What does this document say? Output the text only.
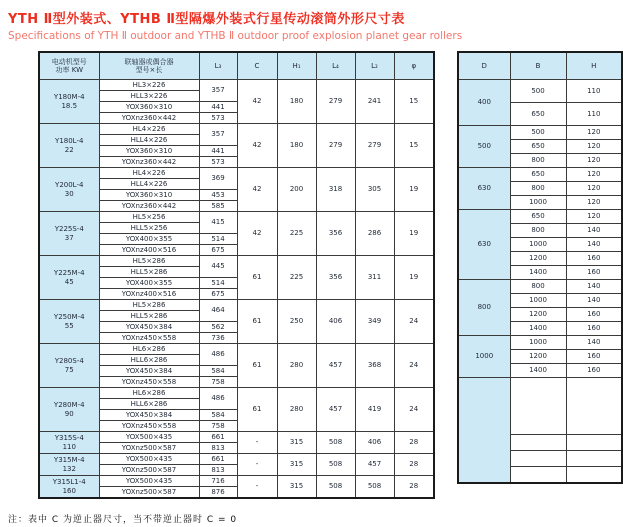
YTH Ⅱ型外装式、YTHB Ⅱ型隔爆外装式行星传动滚筒外形尺寸表
Specifications of YTH Ⅱ outdoor and YTHB Ⅱ outdoor proof explosion planet gear rollers
电动机型号
功率 KW

联轴器或偶合器
型号×长
	L₃	C	H₁	L₄	L₂	φ

Y180M-4
18.5	HL3×226	357	42	180	279	241	15
	HLL3×226						
	YOX360×310	441					
	YOXnz360×442	573					

Y180L-4
22	HL4×226	357	42	180	279	279	15
	HLL4×226						
	YOX360×310	441					
	YOXnz360×442	573					

Y200L-4
30	HL4×226	369	42	200	318	305	19
	HLL4×226						
	YOX360×310	453					
	YOXnz360×442	585					

Y225S-4
37	HL5×256	415	42	225	356	286	19
	HLL5×256						
	YOX400×355	514					
	YOXnz400×516	675					

Y225M-4
45	HL5×286	445	61	225	356	311	19
	HLL5×286						
	YOX400×355	514					
	YOXnz400×516	675					

Y250M-4
55	HL5×286	464	61	250	406	349	24
	HLL5×286						
	YOX450×384	562					
	YOXnz450×558	736					

Y280S-4
75	HL6×286	486	61	280	457	368	24
	HLL6×286						
	YOX450×384	584					
	YOXnz450×558	758					

Y280M-4
90	HL6×286	486	61	280	457	419	24
	HLL6×286						
	YOX450×384	584					
	YOXnz450×558	758					

Y315S-4
110	YOX500×435	661	-	315	508	406	28
	YOXnz500×587	813					

Y315M-4
132	YOX500×435	661	-	315	508	457	28
	YOXnz500×587	813					

Y315L1-4
160	YOX500×435	716	-	315	508	508	28
	YOXnz500×587	876					
D	B	H
400	500	110
	650	110
500	500	120
	650	120
	800	120
630	650	120
	800	120
	1000	120
630	650	120
	800	140
	1000	140
	1200	160
	1400	160
800	800	140
	1000	140
	1200	160
	1400	160
1000	1000	140
	1200	160
	1400	160

注：表中 C 为逆止器尺寸，当不带逆止器时 C = 0
